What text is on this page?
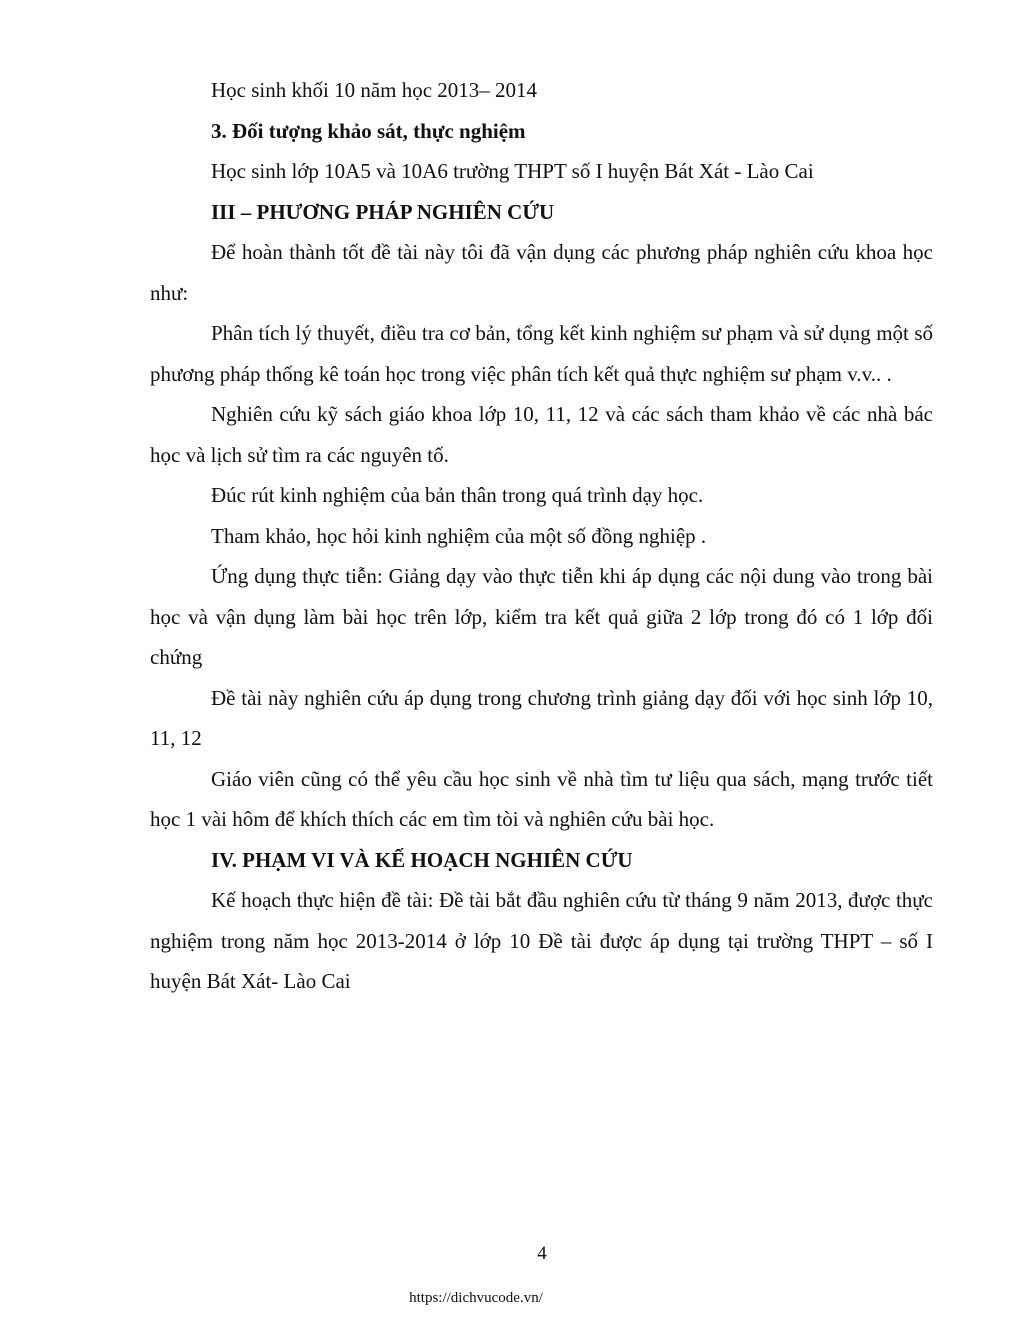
Học sinh khối 10 năm học 2013– 2014

3. Đối tượng khảo sát, thực nghiệm

Học sinh lớp 10A5 và 10A6 trường THPT số I huyện Bát Xát - Lào Cai

III – PHƯƠNG PHÁP NGHIÊN CỨU

Để hoàn thành tốt đề tài này tôi đã vận dụng các phương pháp nghiên cứu khoa học như:

Phân tích lý thuyết, điều tra cơ bản, tổng kết kinh nghiệm sư phạm và sử dụng một số phương pháp thống kê toán học trong việc phân tích kết quả thực nghiệm sư phạm v.v.. .

Nghiên cứu kỹ sách giáo khoa lớp 10, 11, 12 và các sách tham khảo về các nhà bác học và lịch sử tìm ra các nguyên tố.

Đúc rút kinh nghiệm của bản thân trong quá trình dạy học.

Tham khảo, học hỏi kinh nghiệm của một số đồng nghiệp .

Ứng dụng thực tiễn: Giảng dạy vào thực tiễn khi áp dụng các nội dung vào trong bài học và vận dụng làm bài học trên lớp, kiểm tra kết quả giữa 2 lớp trong đó có 1 lớp đối chứng

Đề tài này nghiên cứu áp dụng trong chương trình giảng dạy đối với học sinh lớp 10, 11, 12

Giáo viên cũng có thể yêu cầu học sinh về nhà tìm tư liệu qua sách, mạng trước tiết học 1 vài hôm để khích thích các em tìm tòi và nghiên cứu bài học.

IV. PHẠM VI VÀ KẾ HOẠCH NGHIÊN CỨU

Kế hoạch thực hiện đề tài: Đề tài bắt đầu nghiên cứu từ tháng 9 năm 2013, được thực nghiệm trong năm học 2013-2014 ở lớp 10 Đề tài được áp dụng tại trường THPT – số I huyện Bát Xát- Lào Cai

4
https://dichvucode.vn/
